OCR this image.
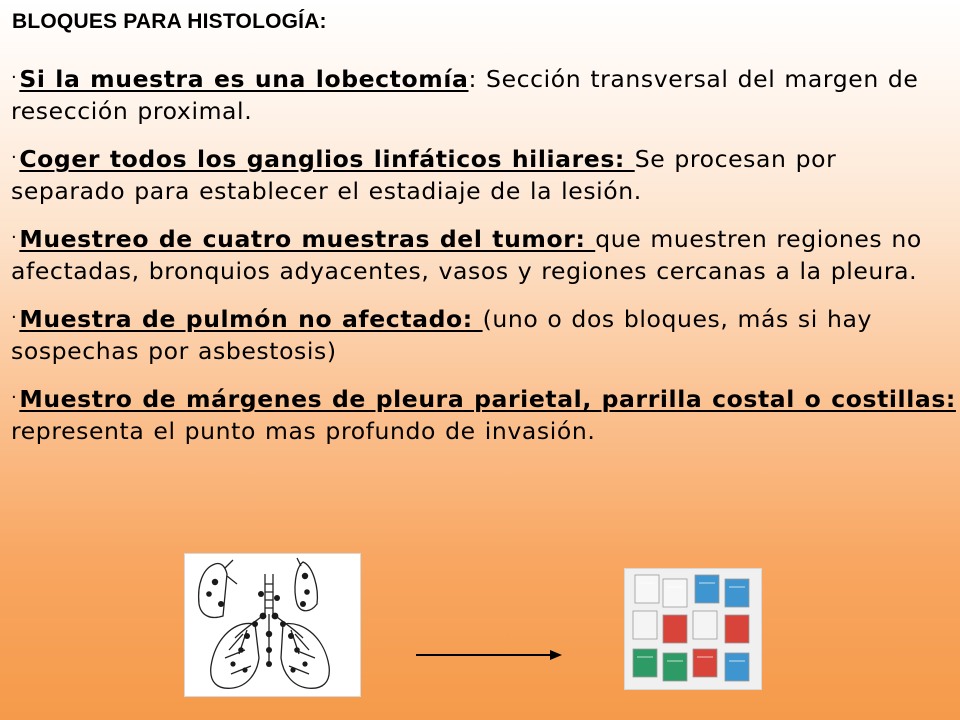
BLOQUES PARA HISTOLOGÍA:
·Si la muestra es una lobectomía: Sección transversal del margen de resección proximal.
·Coger todos los ganglios linfáticos hiliares: Se procesan por separado para establecer el estadiaje de la lesión.
·Muestreo de cuatro muestras del tumor: que muestren regiones no afectadas, bronquios adyacentes, vasos y regiones cercanas a la pleura.
·Muestra de pulmón no afectado: (uno o dos bloques, más si hay sospechas por asbestosis)
·Muestro de márgenes de pleura parietal, parrilla costal o costillas: representa el punto mas profundo de invasión.
